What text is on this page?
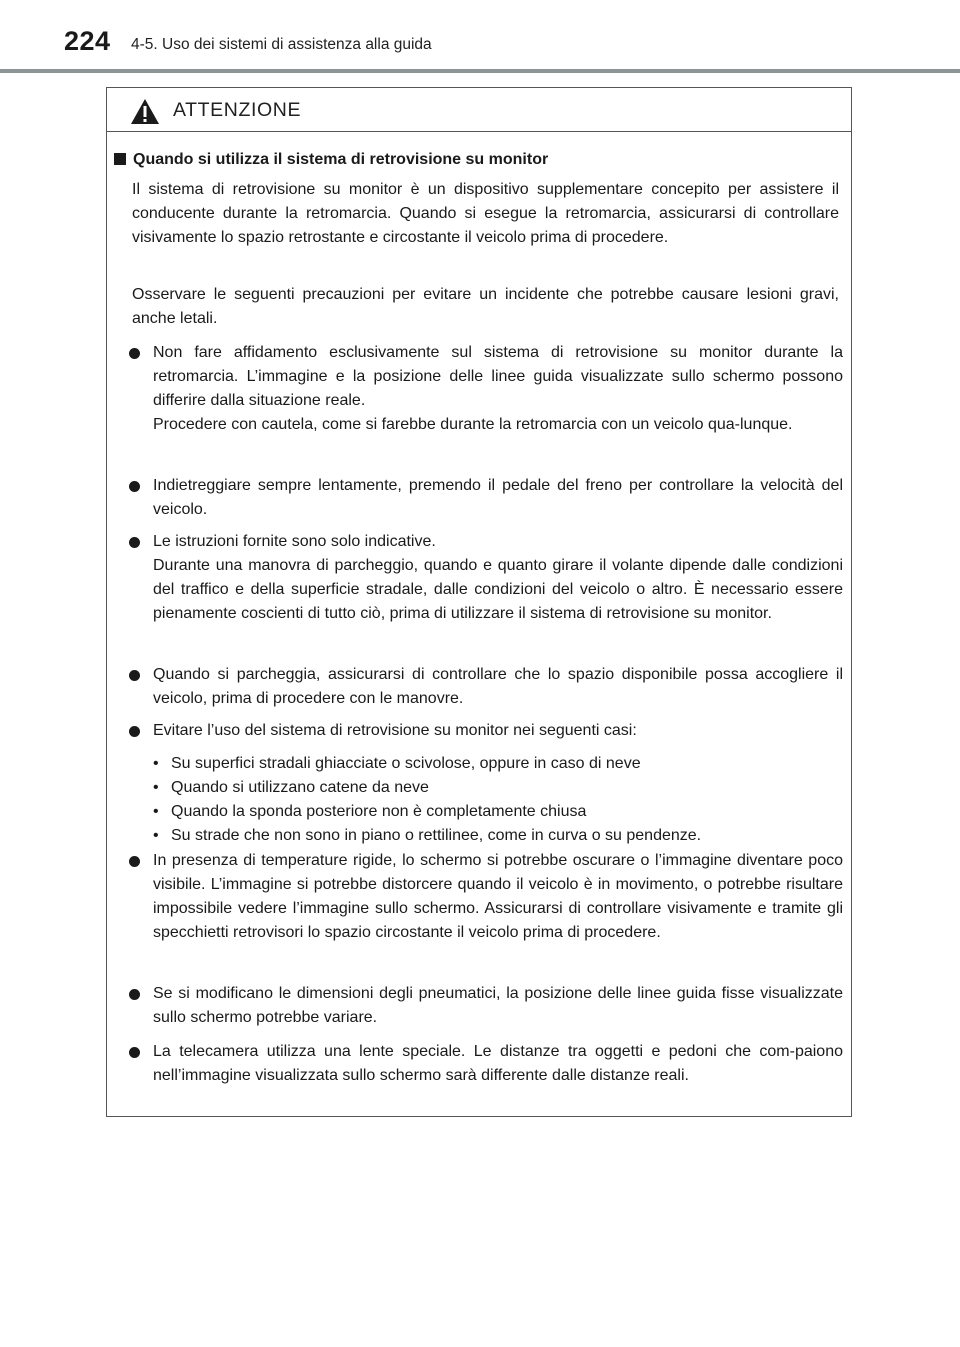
224 4-5. Uso dei sistemi di assistenza alla guida
ATTENZIONE
Quando si utilizza il sistema di retrovisione su monitor
Il sistema di retrovisione su monitor è un dispositivo supplementare concepito per assistere il conducente durante la retromarcia. Quando si esegue la retromarcia, assicurarsi di controllare visivamente lo spazio retrostante e circostante il veicolo prima di procedere.
Osservare le seguenti precauzioni per evitare un incidente che potrebbe causare lesioni gravi, anche letali.

Non fare affidamento esclusivamente sul sistema di retrovisione su monitor durante la retromarcia. L’immagine e la posizione delle linee guida visualizzate sullo schermo possono differire dalla situazione reale.

Procedere con cautela, come si farebbe durante la retromarcia con un veicolo qua-lunque.

Indietreggiare sempre lentamente, premendo il pedale del freno per controllare la velocità del veicolo.

Le istruzioni fornite sono solo indicative.

Durante una manovra di parcheggio, quando e quanto girare il volante dipende dalle condizioni del traffico e della superficie stradale, dalle condizioni del veicolo o altro. È necessario essere pienamente coscienti di tutto ciò, prima di utilizzare il sistema di retrovisione su monitor.

Quando si parcheggia, assicurarsi di controllare che lo spazio disponibile possa accogliere il veicolo, prima di procedere con le manovre.

Evitare l’uso del sistema di retrovisione su monitor nei seguenti casi:

• Su superfici stradali ghiacciate o scivolose, oppure in caso di neve
• Quando si utilizzano catene da neve
• Quando la sponda posteriore non è completamente chiusa
• Su strade che non sono in piano o rettilinee, come in curva o su pendenze.

In presenza di temperature rigide, lo schermo si potrebbe oscurare o l’immagine diventare poco visibile. L’immagine si potrebbe distorcere quando il veicolo è in movimento, o potrebbe risultare impossibile vedere l’immagine sullo schermo. Assicurarsi di controllare visivamente e tramite gli specchietti retrovisori lo spazio circostante il veicolo prima di procedere.

Se si modificano le dimensioni degli pneumatici, la posizione delle linee guida fisse visualizzate sullo schermo potrebbe variare.

La telecamera utilizza una lente speciale. Le distanze tra oggetti e pedoni che com-paiono nell’immagine visualizzata sullo schermo sarà differente dalle distanze reali.
